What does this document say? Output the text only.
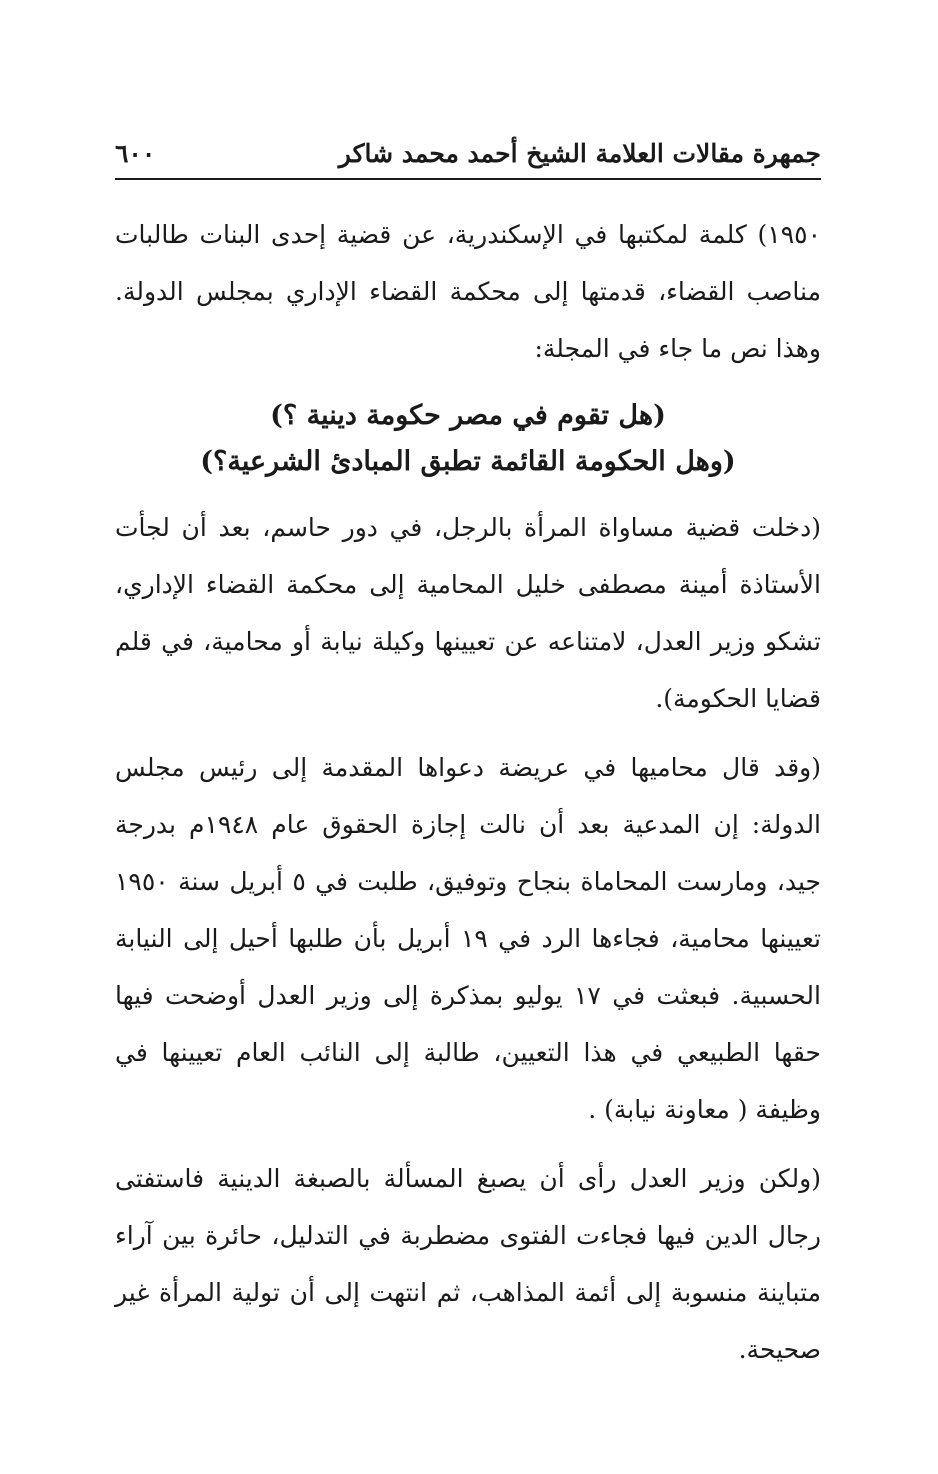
جمهرة مقالات العلامة الشيخ أحمد محمد شاكر
٦٠٠

١٩٥٠) كلمة لمكتبها في الإسكندرية، عن قضية إحدى البنات طالبات مناصب القضاء، قدمتها إلى محكمة القضاء الإداري بمجلس الدولة. وهذا نص ما جاء في المجلة:

(هل تقوم في مصر حكومة دينية ؟)
(وهل الحكومة القائمة تطبق المبادئ الشرعية؟)

(دخلت قضية مساواة المرأة بالرجل، في دور حاسم، بعد أن لجأت الأستاذة أمينة مصطفى خليل المحامية إلى محكمة القضاء الإداري، تشكو وزير العدل، لامتناعه عن تعيينها وكيلة نيابة أو محامية، في قلم قضايا الحكومة).

(وقد قال محاميها في عريضة دعواها المقدمة إلى رئيس مجلس الدولة: إن المدعية بعد أن نالت إجازة الحقوق عام ١٩٤٨م بدرجة جيد، ومارست المحاماة بنجاح وتوفيق، طلبت في ٥ أبريل سنة ١٩٥٠ تعيينها محامية، فجاءها الرد في ١٩ أبريل بأن طلبها أحيل إلى النيابة الحسبية. فبعثت في ١٧ يوليو بمذكرة إلى وزير العدل أوضحت فيها حقها الطبيعي في هذا التعيين، طالبة إلى النائب العام تعيينها في وظيفة ( معاونة نيابة) .

(ولكن وزير العدل رأى أن يصبغ المسألة بالصبغة الدينية فاستفتى رجال الدين فيها فجاءت الفتوى مضطربة في التدليل، حائرة بين آراء متباينة منسوبة إلى أئمة المذاهب، ثم انتهت إلى أن تولية المرأة غير صحيحة.
